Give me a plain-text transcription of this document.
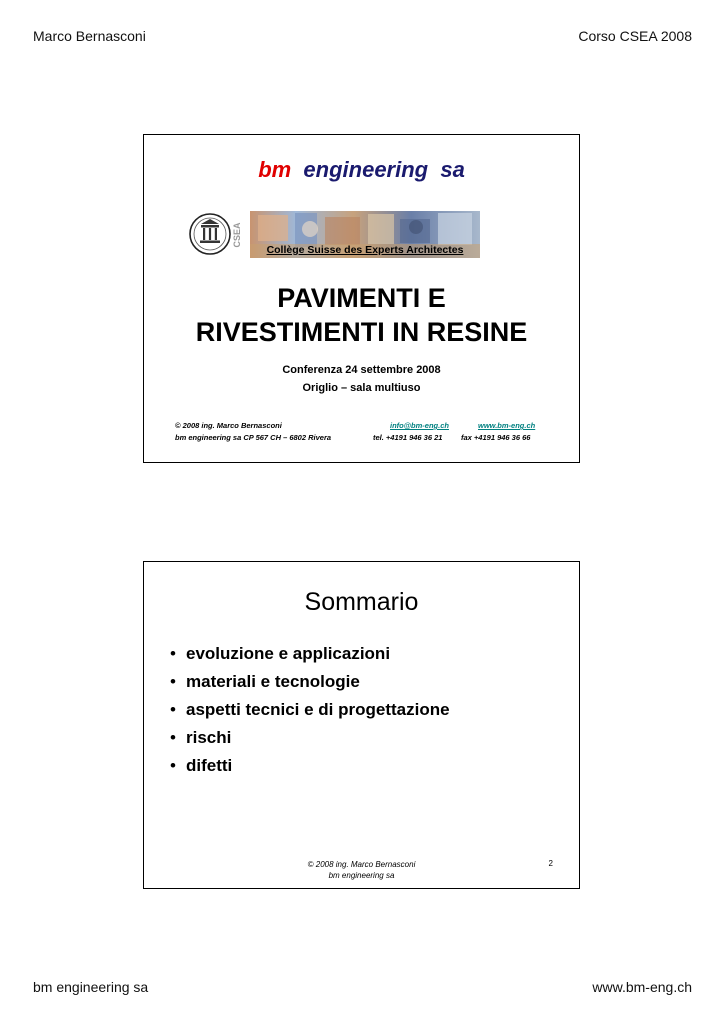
Marco Bernasconi	Corso CSEA 2008
bm engineering  sa
CSEA
Collège Suisse des Experts Architectes
PAVIMENTI E
RIVESTIMENTI IN RESINE
Conferenza 24 settembre 2008
Origlio – sala multiuso
© 2008 ing. Marco Bernasconi	info@bm-eng.ch	www.bm-eng.ch
bm engineering sa CP 567 CH – 6802 Rivera	tel. +4191 946 36 21 fax +4191 946 36 66
Sommario
• evoluzione e applicazioni
• materiali e tecnologie
• aspetti tecnici e di progettazione
• rischi
• difetti
© 2008 ing. Marco Bernasconi
bm engineering sa
2
bm engineering sa	www.bm-eng.ch
